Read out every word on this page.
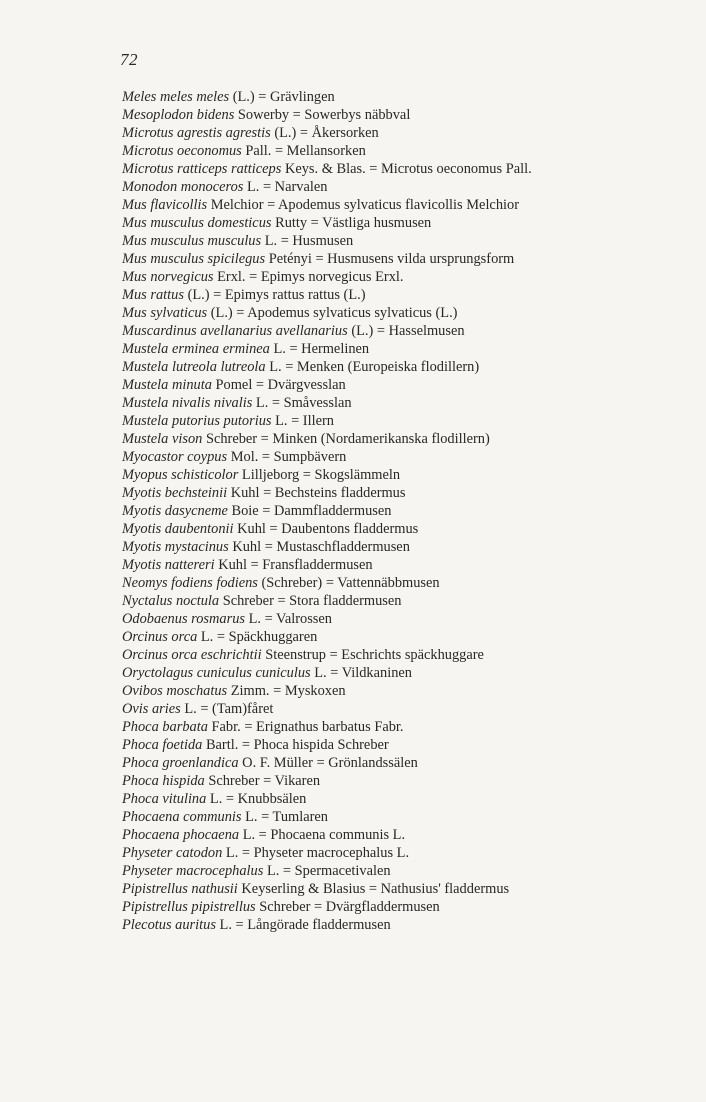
72
Meles meles meles (L.) = Grävlingen
Mesoplodon bidens Sowerby = Sowerbys näbbval
Microtus agrestis agrestis (L.) = Åkersorken
Microtus oeconomus Pall. = Mellansorken
Microtus ratticeps ratticeps Keys. & Blas. = Microtus oeconomus Pall.
Monodon monoceros L. = Narvalen
Mus flavicollis Melchior = Apodemus sylvaticus flavicollis Melchior
Mus musculus domesticus Rutty = Västliga husmusen
Mus musculus musculus L. = Husmusen
Mus musculus spicilegus Petényi = Husmusens vilda ursprungsform
Mus norvegicus Erxl. = Epimys norvegicus Erxl.
Mus rattus (L.) = Epimys rattus rattus (L.)
Mus sylvaticus (L.) = Apodemus sylvaticus sylvaticus (L.)
Muscardinus avellanarius avellanarius (L.) = Hasselmusen
Mustela erminea erminea L. = Hermelinen
Mustela lutreola lutreola L. = Menken (Europeiska flodillern)
Mustela minuta Pomel = Dvärgvesslan
Mustela nivalis nivalis L. = Småvesslan
Mustela putorius putorius L. = Illern
Mustela vison Schreber = Minken (Nordamerikanska flodillern)
Myocastor coypus Mol. = Sumpbävern
Myopus schisticolor Lilljeborg = Skogslämmeln
Myotis bechsteinii Kuhl = Bechsteins fladdermus
Myotis dasycneme Boie = Dammfladdermusen
Myotis daubentonii Kuhl = Daubentons fladdermus
Myotis mystacinus Kuhl = Mustaschfladdermusen
Myotis nattereri Kuhl = Fransfladdermusen
Neomys fodiens fodiens (Schreber) = Vattennäbbmusen
Nyctalus noctula Schreber = Stora fladdermusen
Odobaenus rosmarus L. = Valrossen
Orcinus orca L. = Späckhuggaren
Orcinus orca eschrichtii Steenstrup = Eschrichts späckhuggare
Oryctolagus cuniculus cuniculus L. = Vildkaninen
Ovibos moschatus Zimm. = Myskoxen
Ovis aries L. = (Tam)fåret
Phoca barbata Fabr. = Erignathus barbatus Fabr.
Phoca foetida Bartl. = Phoca hispida Schreber
Phoca groenlandica O. F. Müller = Grönlandssälen
Phoca hispida Schreber = Vikaren
Phoca vitulina L. = Knubbsälen
Phocaena communis L. = Tumlaren
Phocaena phocaena L. = Phocaena communis L.
Physeter catodon L. = Physeter macrocephalus L.
Physeter macrocephalus L. = Spermacetivalen
Pipistrellus nathusii Keyserling & Blasius = Nathusius' fladdermus
Pipistrellus pipistrellus Schreber = Dvärgfladdermusen
Plecotus auritus L. = Långörade fladdermusen
